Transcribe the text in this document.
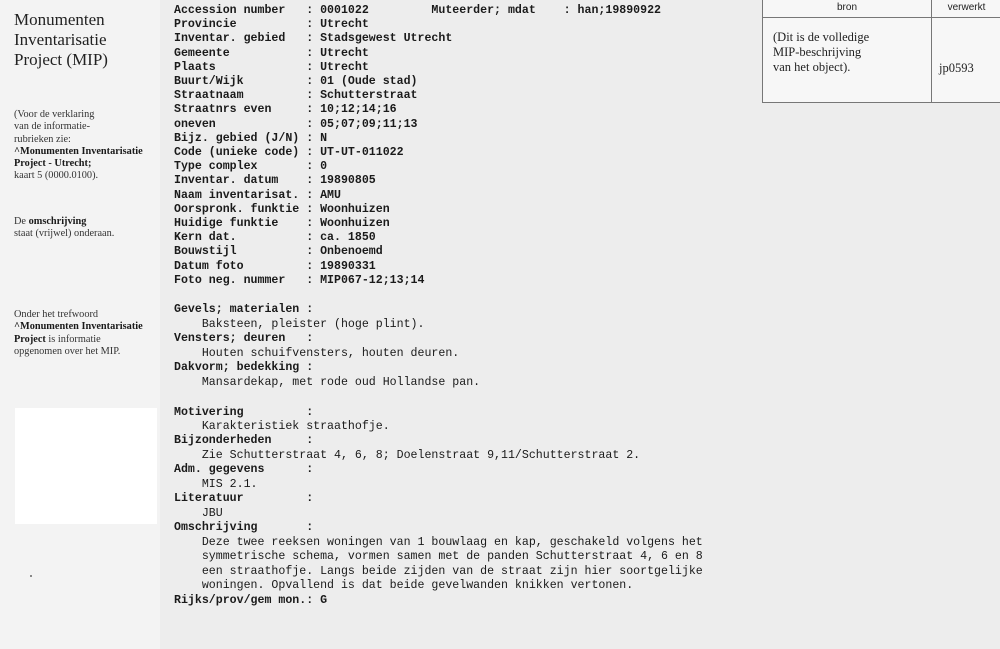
Monumenten
Inventarisatie
Project (MIP)
(Voor de verklaring
van de informatie-
rubrieken zie:
^Monumenten Inventarisatie
Project - Utrecht;
kaart 5 (0000.0100).
De omschrijving
staat (vrijwel) onderaan.
Onder het trefwoord
^Monumenten Inventarisatie
Project is informatie
opgenomen over het MIP.
Accession number   : 0001022         Muteerder; mdat    : han;19890922
Provincie          : Utrecht
Inventar. gebied   : Stadsgewest Utrecht
Gemeente           : Utrecht
Plaats             : Utrecht
Buurt/Wijk         : 01 (Oude stad)
Straatnaam         : Schutterstraat
Straatnrs even     : 10;12;14;16
oneven             : 05;07;09;11;13
Bijz. gebied (J/N) : N
Code (unieke code) : UT-UT-011022
Type complex       : 0
Inventar. datum    : 19890805
Naam inventarisat. : AMU
Oorspronk. funktie : Woonhuizen
Huidige funktie    : Woonhuizen
Kern dat.          : ca. 1850
Bouwstijl          : Onbenoemd
Datum foto         : 19890331
Foto neg. nummer   : MIP067-12;13;14
Gevels; materialen :
Baksteen, pleister (hoge plint).
Vensters; deuren   :
Houten schuifvensters, houten deuren.
Dakvorm; bedekking :
Mansardekap, met rode oud Hollandse pan.
Motivering         :
Karakteristiek straathofje.
Bijzonderheden     :
Zie Schutterstraat 4, 6, 8; Doelenstraat 9,11/Schutterstraat 2.
Adm. gegevens      :
MIS 2.1.
Literatuur         :
JBU
Omschrijving       :
Deze twee reeksen woningen van 1 bouwlaag en kap, geschakeld volgens het
symmetrische schema, vormen samen met de panden Schutterstraat 4, 6 en 8
een straathofje. Langs beide zijden van de straat zijn hier soortgelijke
woningen. Opvallend is dat beide gevelwanden knikken vertonen.
Rijks/prov/gem mon.: G
bron	verwerkt
(Dit is de volledige
MIP-beschrijving
van het object).	jp0593
